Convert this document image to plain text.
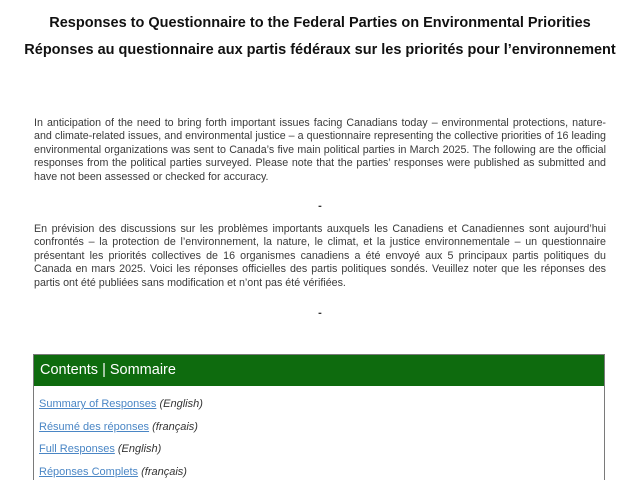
Responses to Questionnaire to the Federal Parties on Environmental Priorities
Réponses au questionnaire aux partis fédéraux sur les priorités pour l’environnement

In anticipation of the need to bring forth important issues facing Canadians today – environmental protections, nature- and climate-related issues, and environmental justice – a questionnaire representing the collective priorities of 16 leading environmental organizations was sent to Canada’s five main political parties in March 2025. The following are the official responses from the political parties surveyed. Please note that the parties’ responses were published as submitted and have not been assessed or checked for accuracy.

-

En prévision des discussions sur les problèmes importants auxquels les Canadiens et Canadiennes sont aujourd’hui confrontés – la protection de l’environnement, la nature, le climat, et la justice environnementale – un questionnaire présentant les priorités collectives de 16 organismes canadiens a été envoyé aux 5 principaux partis politiques du Canada en mars 2025. Voici les réponses officielles des partis politiques sondés. Veuillez noter que les réponses des partis ont été publiées sans modification et n’ont pas été vérifiées.

-
Contents | Sommaire
Summary of Responses (English)
Résumé des réponses (français)
Full Responses (English)
Réponses Complets (français)
